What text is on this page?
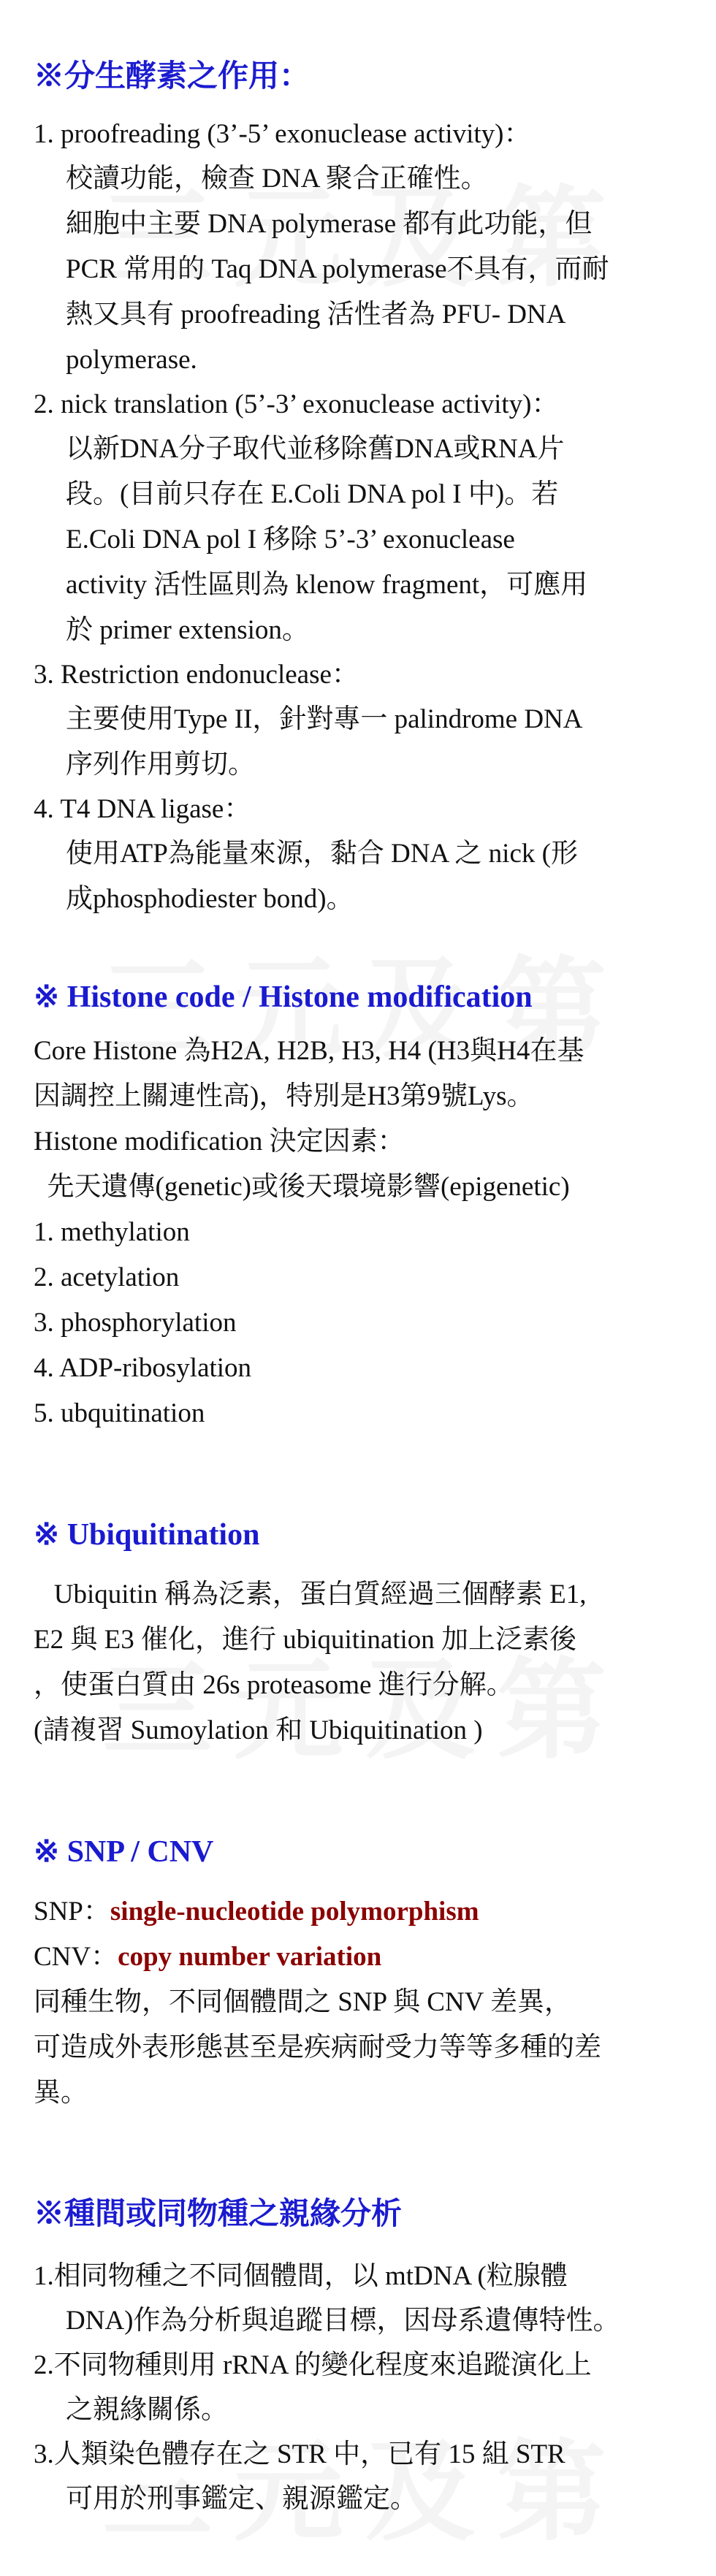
※分生酵素之作用：
1. proofreading (3’-5’ exonuclease activity)：
校讀功能，檢查 DNA 聚合正確性。
細胞中主要 DNA polymerase 都有此功能，但
PCR 常用的 Taq DNA polymerase不具有，而耐
熱又具有 proofreading 活性者為 PFU- DNA
polymerase.
2. nick translation (5’-3’ exonuclease activity)：
以新DNA分子取代並移除舊DNA或RNA片
段。(目前只存在 E.Coli DNA pol I 中)。若
E.Coli DNA pol I 移除 5’-3’ exonuclease
activity 活性區則為 klenow fragment，可應用
於 primer extension。
3. Restriction endonuclease：
主要使用Type II，針對專一 palindrome DNA
序列作用剪切。
4. T4 DNA ligase：
使用ATP為能量來源，黏合 DNA 之 nick (形
成phosphodiester bond)。
※ Histone code / Histone modification
Core Histone 為H2A, H2B, H3, H4 (H3與H4在基
因調控上關連性高)，特別是H3第9號Lys。
Histone modification 決定因素：
先天遺傳(genetic)或後天環境影響(epigenetic)
1. methylation
2. acetylation
3. phosphorylation
4. ADP-ribosylation
5. ubquitination
※ Ubiquitination
Ubiquitin 稱為泛素，蛋白質經過三個酵素 E1,
E2 與 E3 催化，進行 ubiquitination 加上泛素後
，使蛋白質由 26s proteasome 進行分解。
(請複習 Sumoylation 和 Ubiquitination )
※ SNP / CNV
SNP：single-nucleotide polymorphism
CNV：copy number variation
同種生物，不同個體間之 SNP 與 CNV 差異，
可造成外表形態甚至是疾病耐受力等等多種的差
異。
※種間或同物種之親緣分析
1.相同物種之不同個體間，以 mtDNA (粒腺體
DNA)作為分析與追蹤目標，因母系遺傳特性。
2.不同物種則用 rRNA 的變化程度來追蹤演化上
之親緣關係。
3.人類染色體存在之 STR 中，已有 15 組 STR
可用於刑事鑑定、親源鑑定。
